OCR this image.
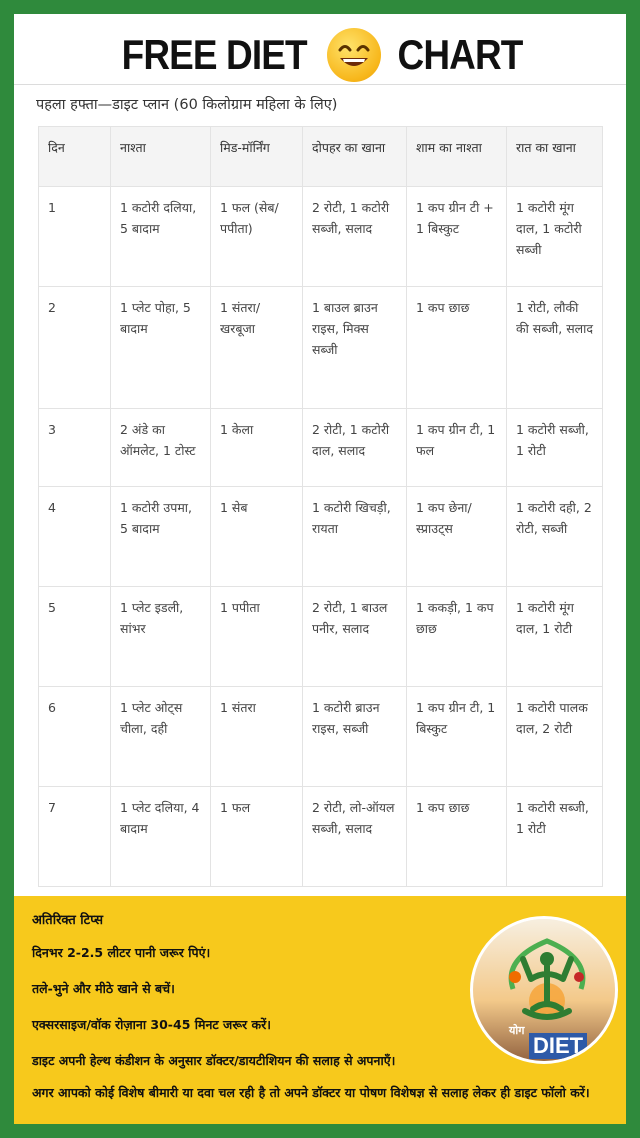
FREE DIET CHART
पहला हफ्ता—डाइट प्लान (60 किलोग्राम महिला के लिए)
दिन	नाश्ता	मिड-मॉर्निंग	दोपहर का खाना	शाम का नाश्ता	रात का खाना
1	1 कटोरी दलिया, 5 बादाम	1 फल (सेब/पपीता)	2 रोटी, 1 कटोरी सब्जी, सलाद	1 कप ग्रीन टी + 1 बिस्कुट	1 कटोरी मूंग दाल, 1 कटोरी सब्जी
2	1 प्लेट पोहा, 5 बादाम	1 संतरा/खरबूजा	1 बाउल ब्राउन राइस, मिक्स सब्जी	1 कप छाछ	1 रोटी, लौकी की सब्जी, सलाद
3	2 अंडे का ऑमलेट, 1 टोस्ट	1 केला	2 रोटी, 1 कटोरी दाल, सलाद	1 कप ग्रीन टी, 1 फल	1 कटोरी सब्जी, 1 रोटी
4	1 कटोरी उपमा, 5 बादाम	1 सेब	1 कटोरी खिचड़ी, रायता	1 कप छेना/स्प्राउट्स	1 कटोरी दही, 2 रोटी, सब्जी
5	1 प्लेट इडली, सांभर	1 पपीता	2 रोटी, 1 बाउल पनीर, सलाद	1 ककड़ी, 1 कप छाछ	1 कटोरी मूंग दाल, 1 रोटी
6	1 प्लेट ओट्स चीला, दही	1 संतरा	1 कटोरी ब्राउन राइस, सब्जी	1 कप ग्रीन टी, 1 बिस्कुट	1 कटोरी पालक दाल, 2 रोटी
7	1 प्लेट दलिया, 4 बादाम	1 फल	2 रोटी, लो-ऑयल सब्जी, सलाद	1 कप छाछ	1 कटोरी सब्जी, 1 रोटी
अतिरिक्त टिप्स
दिनभर 2-2.5 लीटर पानी जरूर पिएं।
तले-भुने और मीठे खाने से बचें।
एक्सरसाइज/वॉक रोज़ाना 30-45 मिनट जरूर करें।
डाइट अपनी हेल्थ कंडीशन के अनुसार डॉक्टर/डायटीशियन की सलाह से अपनाएँ।
अगर आपको कोई विशेष बीमारी या दवा चल रही है तो अपने डॉक्टर या पोषण विशेषज्ञ से सलाह लेकर ही डाइट फॉलो करें।
योग
DIET
